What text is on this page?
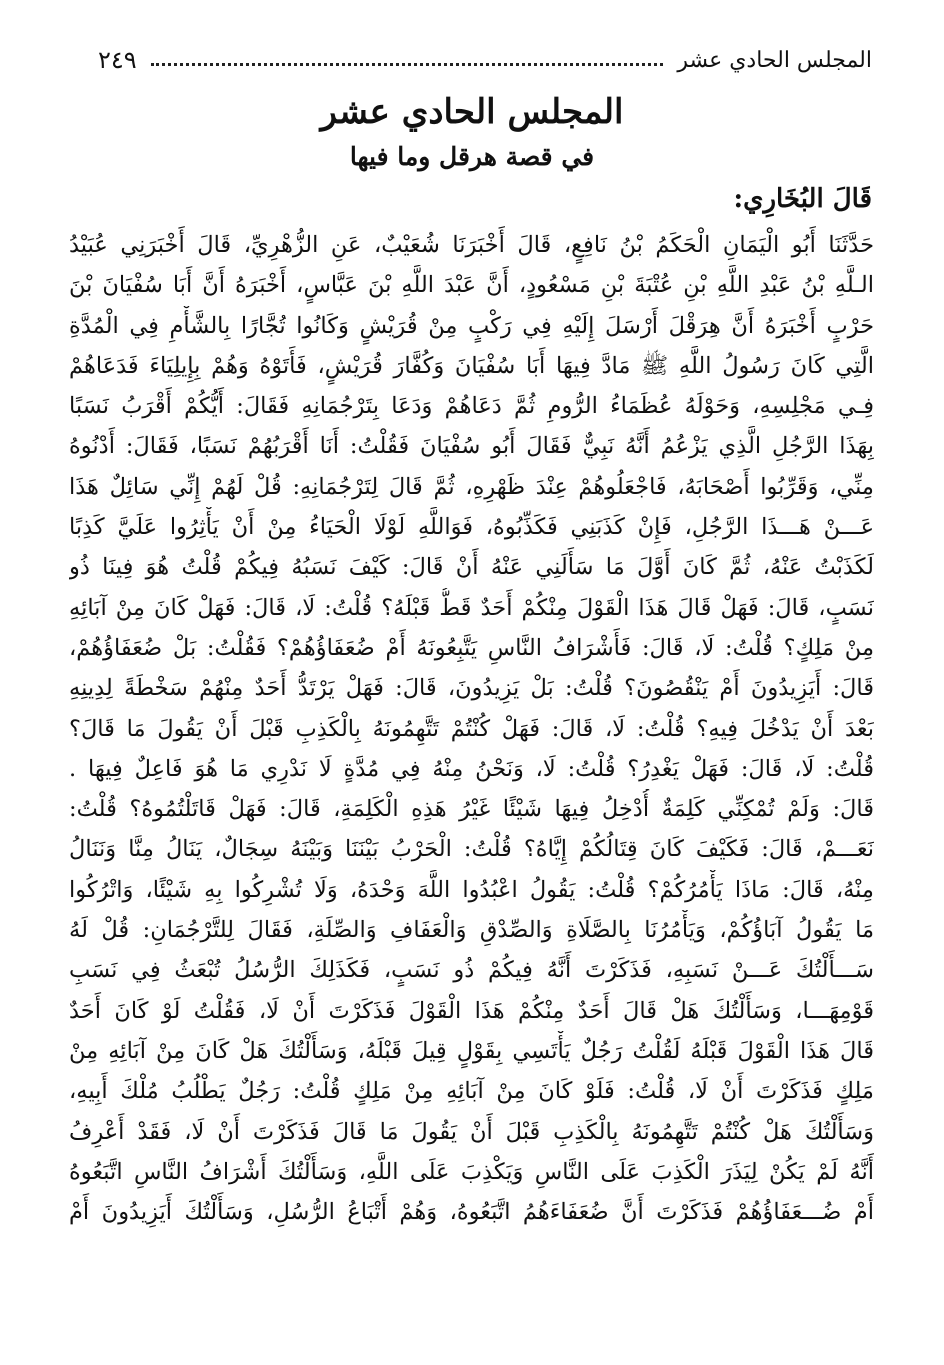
المجلس الحادي عشر
٢٤٩
المجلس الحادي عشر
في قصة هرقل وما فيها
قَالَ البُخَارِي:
حَدَّثَنَا أَبُو الْيَمَانِ الْحَكَمُ بْنُ نَافِعٍ، قَالَ أَخْبَرَنَا شُعَيْبٌ، عَنِ الزُّهْرِيِّ، قَالَ أَخْبَرَنِي عُبَيْدُ
الـلَّهِ بْنُ عَبْدِ اللَّهِ بْنِ عُتْبَةَ بْنِ مَسْعُودٍ، أَنَّ عَبْدَ اللَّهِ بْنَ عَبَّاسٍ، أَخْبَرَهُ أَنَّ أَبَا سُفْيَانَ بْنَ
حَرْبٍ أَخْبَرَهُ أَنَّ هِرَقْلَ أَرْسَلَ إِلَيْهِ فِي رَكْبٍ مِنْ قُرَيْشٍ وَكَانُوا تُجَّارًا بِالشَّأْمِ فِي الْمُدَّةِ
الَّتِي كَانَ رَسُولُ اللَّهِ ﷺ مَادَّ فِيهَا أَبَا سُفْيَانَ وَكُفَّارَ قُرَيْشٍ، فَأَتَوْهُ وَهُمْ بِإِيلِيَاءَ فَدَعَاهُمْ
فِـي مَجْلِسِهِ، وَحَوْلَهُ عُظَمَاءُ الرُّومِ ثُمَّ دَعَاهُمْ وَدَعَا بِتَرْجُمَانِهِ فَقَالَ: أَيُّكُمْ أَقْرَبُ نَسَبًا
بِهَذَا الرَّجُلِ الَّذِي يَزْعُمُ أَنَّهُ نَبِيٌّ فَقَالَ أَبُو سُفْيَانَ فَقُلْتُ: أَنَا أَقْرَبُهُمْ نَسَبًا، فَقَالَ: أَدْنُوهُ
مِنِّي، وَقَرِّبُوا أَصْحَابَهُ، فَاجْعَلُوهُمْ عِنْدَ ظَهْرِهِ، ثُمَّ قَالَ لِتَرْجُمَانِهِ: قُلْ لَهُمْ إِنِّي سَائِلٌ هَذَا
عَـــنْ هَـــذَا الرَّجُلِ، فَإِنْ كَذَبَنِي فَكَذِّبُوهُ، فَوَاللَّهِ لَوْلَا الْحَيَاءُ مِنْ أَنْ يَأْثِرُوا عَلَيَّ كَذِبًا
لَكَذَبْتُ عَنْهُ، ثُمَّ كَانَ أَوَّلَ مَا سَأَلَنِي عَنْهُ أَنْ قَالَ: كَيْفَ نَسَبُهُ فِيكُمْ قُلْتُ هُوَ فِينَا ذُو
نَسَبٍ، قَالَ: فَهَلْ قَالَ هَذَا الْقَوْلَ مِنْكُمْ أَحَدٌ قَطُّ قَبْلَهُ؟ قُلْتُ: لَا، قَالَ: فَهَلْ كَانَ مِنْ آبَائِهِ
مِنْ مَلِكٍ؟ قُلْتُ: لَا، قَالَ: فَأَشْرَافُ النَّاسِ يَتَّبِعُونَهُ أَمْ ضُعَفَاؤُهُمْ؟ فَقُلْتُ: بَلْ ضُعَفَاؤُهُمْ،
قَالَ: أَيَزِيدُونَ أَمْ يَنْقُصُونَ؟ قُلْتُ: بَلْ يَزِيدُونَ، قَالَ: فَهَلْ يَرْتَدُّ أَحَدٌ مِنْهُمْ سَخْطَةً لِدِينِهِ
بَعْدَ أَنْ يَدْخُلَ فِيهِ؟ قُلْتُ: لَا، قَالَ: فَهَلْ كُنْتُمْ تَتَّهِمُونَهُ بِالْكَذِبِ قَبْلَ أَنْ يَقُولَ مَا قَالَ؟
قُلْتُ: لَا، قَالَ: فَهَلْ يَغْدِرُ؟ قُلْتُ: لَا، وَنَحْنُ مِنْهُ فِي مُدَّةٍ لَا نَدْرِي مَا هُوَ فَاعِلٌ فِيهَا .
قَالَ: وَلَمْ تُمْكِنِّي كَلِمَةٌ أُدْخِلُ فِيهَا شَيْئًا غَيْرُ هَذِهِ الْكَلِمَةِ، قَالَ: فَهَلْ قَاتَلْتُمُوهُ؟ قُلْتُ:
نَعَـــمْ، قَالَ: فَكَيْفَ كَانَ قِتَالُكُمْ إِيَّاهُ؟ قُلْتُ: الْحَرْبُ بَيْنَنَا وَبَيْنَهُ سِجَالٌ، يَنَالُ مِنَّا وَنَنَالُ
مِنْهُ، قَالَ: مَاذَا يَأْمُرُكُمْ؟ قُلْتُ: يَقُولُ اعْبُدُوا اللَّهَ وَحْدَهُ، وَلَا تُشْرِكُوا بِهِ شَيْئًا، وَاتْرُكُوا
مَا يَقُولُ آبَاؤُكُمْ، وَيَأْمُرُنَا بِالصَّلَاةِ وَالصِّدْقِ وَالْعَفَافِ وَالصِّلَةِ، فَقَالَ لِلتَّرْجُمَانِ: قُلْ لَهُ
سَـــأَلْتُكَ عَـــنْ نَسَبِهِ، فَذَكَرْتَ أَنَّهُ فِيكُمْ ذُو نَسَبٍ، فَكَذَلِكَ الرُّسُلُ تُبْعَثُ فِي نَسَبِ
قَوْمِهَـــا، وَسَأَلْتُكَ هَلْ قَالَ أَحَدٌ مِنْكُمْ هَذَا الْقَوْلَ فَذَكَرْتَ أَنْ لَا، فَقُلْتُ لَوْ كَانَ أَحَدٌ
قَالَ هَذَا الْقَوْلَ قَبْلَهُ لَقُلْتُ رَجُلٌ يَأْتَسِي بِقَوْلٍ قِيلَ قَبْلَهُ، وَسَأَلْتُكَ هَلْ كَانَ مِنْ آبَائِهِ مِنْ
مَلِكٍ فَذَكَرْتَ أَنْ لَا، قُلْتُ: فَلَوْ كَانَ مِنْ آبَائِهِ مِنْ مَلِكٍ قُلْتُ: رَجُلٌ يَطْلُبُ مُلْكَ أَبِيهِ،
وَسَأَلْتُكَ هَلْ كُنْتُمْ تَتَّهِمُونَهُ بِالْكَذِبِ قَبْلَ أَنْ يَقُولَ مَا قَالَ فَذَكَرْتَ أَنْ لَا، فَقَدْ أَعْرِفُ
أَنَّهُ لَمْ يَكُنْ لِيَذَرَ الْكَذِبَ عَلَى النَّاسِ وَيَكْذِبَ عَلَى اللَّهِ، وَسَأَلْتُكَ أَشْرَافُ النَّاسِ اتَّبَعُوهُ
أَمْ ضُـــعَفَاؤُهُمْ فَذَكَرْتَ أَنَّ ضُعَفَاءَهُمُ اتَّبَعُوهُ، وَهُمْ أَتْبَاعُ الرُّسُلِ، وَسَأَلْتُكَ أَيَزِيدُونَ أَمْ
